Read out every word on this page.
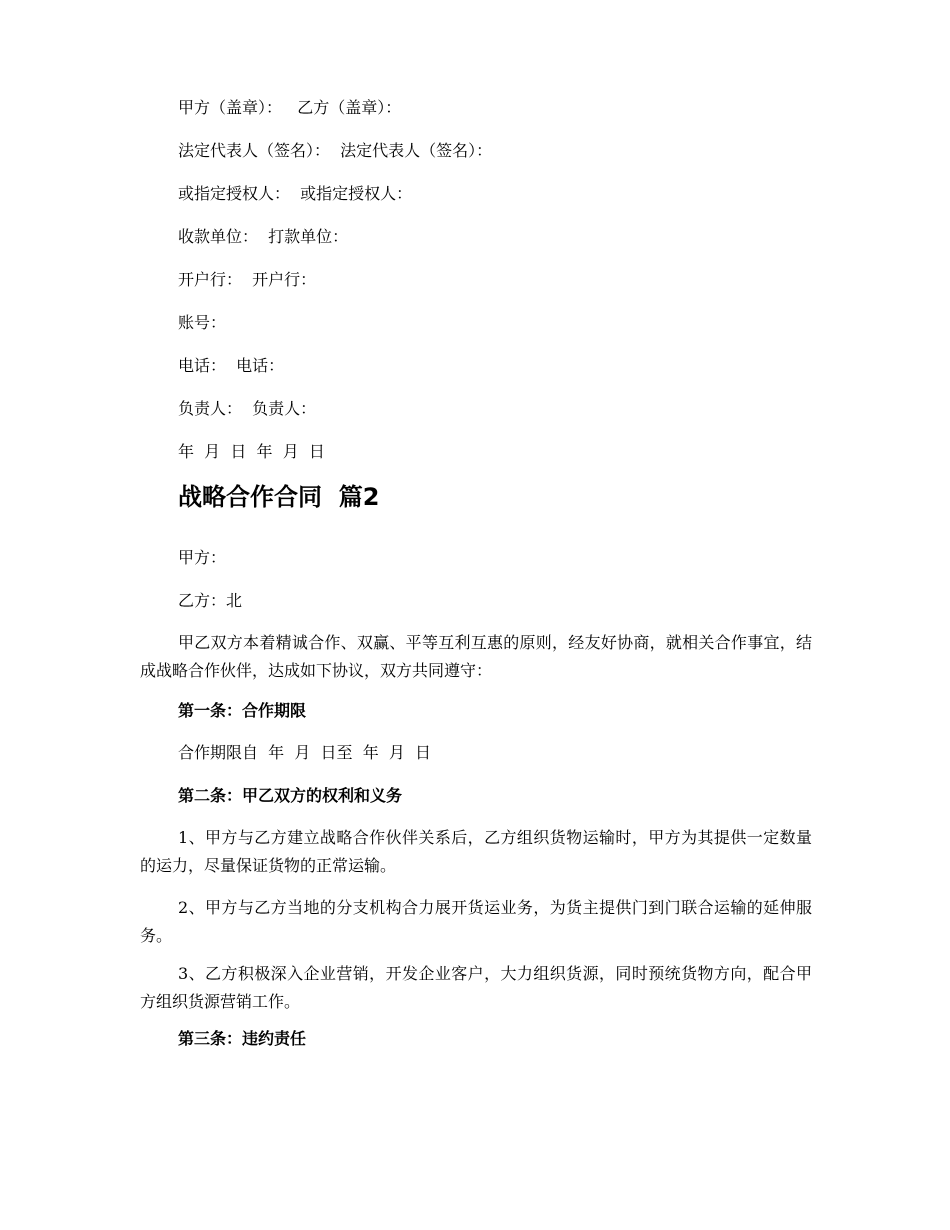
甲方（盖章）：   乙方（盖章）：
法定代表人（签名）：  法定代表人（签名）：
或指定授权人：  或指定授权人：
收款单位：  打款单位：
开户行：  开户行：
账号：
电话：  电话：
负责人：  负责人：
年  月  日  年  月  日
战略合作合同  篇2
甲方：
乙方：北
甲乙双方本着精诚合作、双赢、平等互利互惠的原则，经友好协商，就相关合作事宜，结成战略合作伙伴，达成如下协议，双方共同遵守：
第一条：合作期限
合作期限自  年  月  日至  年  月  日
第二条：甲乙双方的权利和义务
1、甲方与乙方建立战略合作伙伴关系后，乙方组织货物运输时，甲方为其提供一定数量的运力，尽量保证货物的正常运输。
2、甲方与乙方当地的分支机构合力展开货运业务，为货主提供门到门联合运输的延伸服务。
3、乙方积极深入企业营销，开发企业客户，大力组织货源，同时预统货物方向，配合甲方组织货源营销工作。
第三条：违约责任
